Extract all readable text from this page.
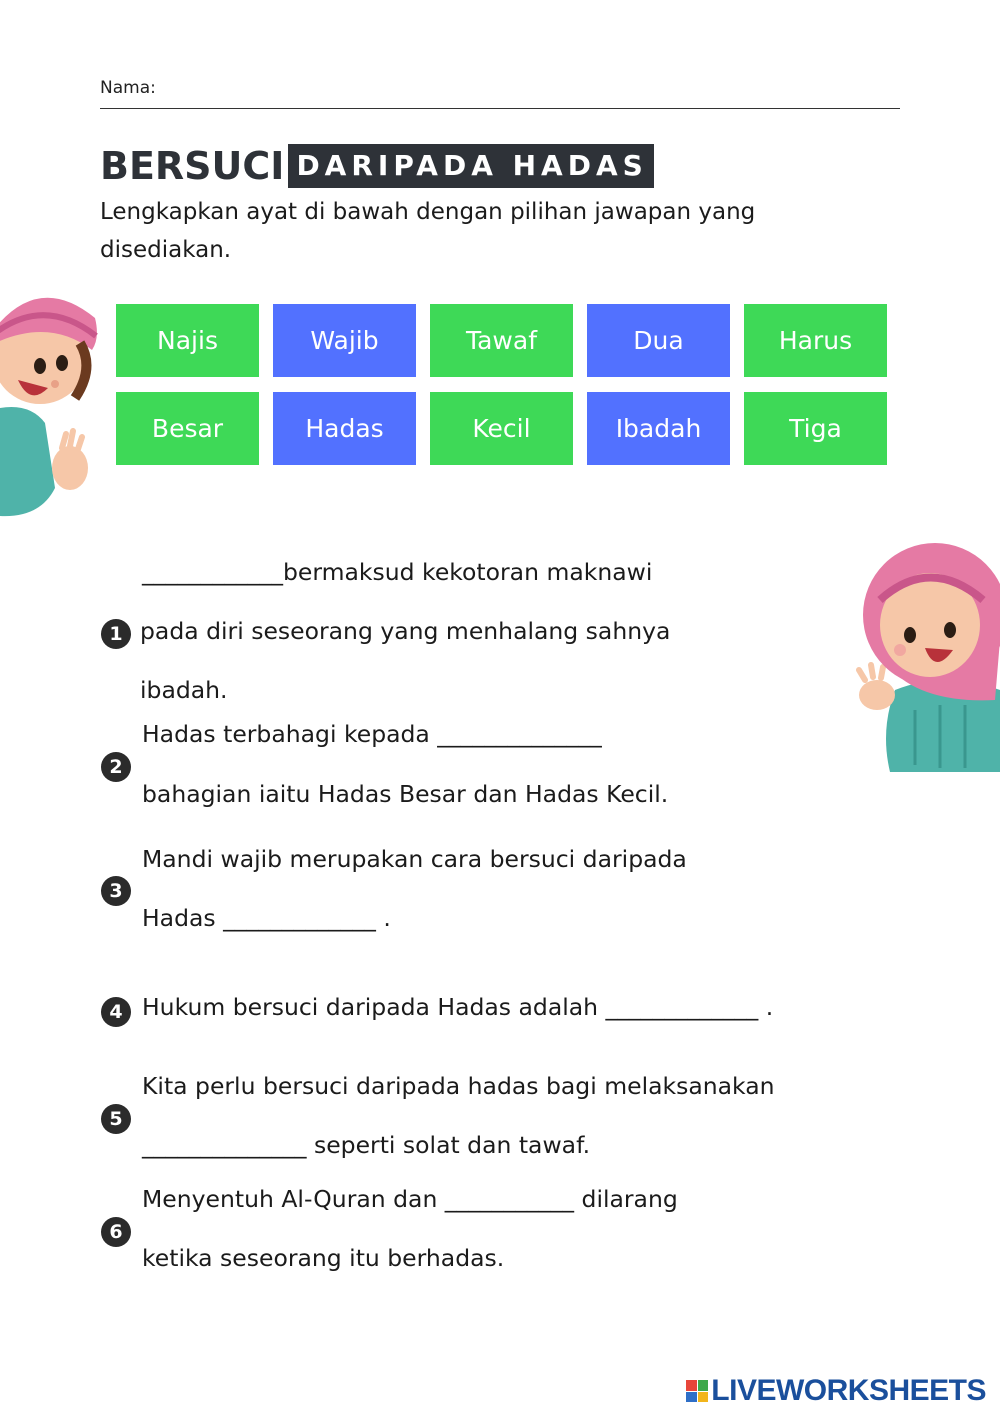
Nama:
BERSUCI DARIPADA HADAS
Lengkapkan ayat di bawah dengan pilihan jawapan yang disediakan.
Najis	Wajib	Tawaf	Dua	Harus
Besar	Hadas	Kecil	Ibadah	Tiga
1
____________bermaksud kekotoran maknawi
pada diri seseorang yang menhalang sahnya
ibadah.
2
Hadas terbahagi kepada ______________
bahagian iaitu Hadas Besar dan Hadas Kecil.
3
Mandi wajib merupakan cara bersuci daripada
Hadas _____________ .
4 Hukum bersuci daripada Hadas adalah _____________ .
5
Kita perlu bersuci daripada hadas bagi melaksanakan
______________ seperti solat dan tawaf.
6
Menyentuh Al-Quran dan ___________ dilarang
ketika seseorang itu berhadas.
LIVEWORKSHEETS
